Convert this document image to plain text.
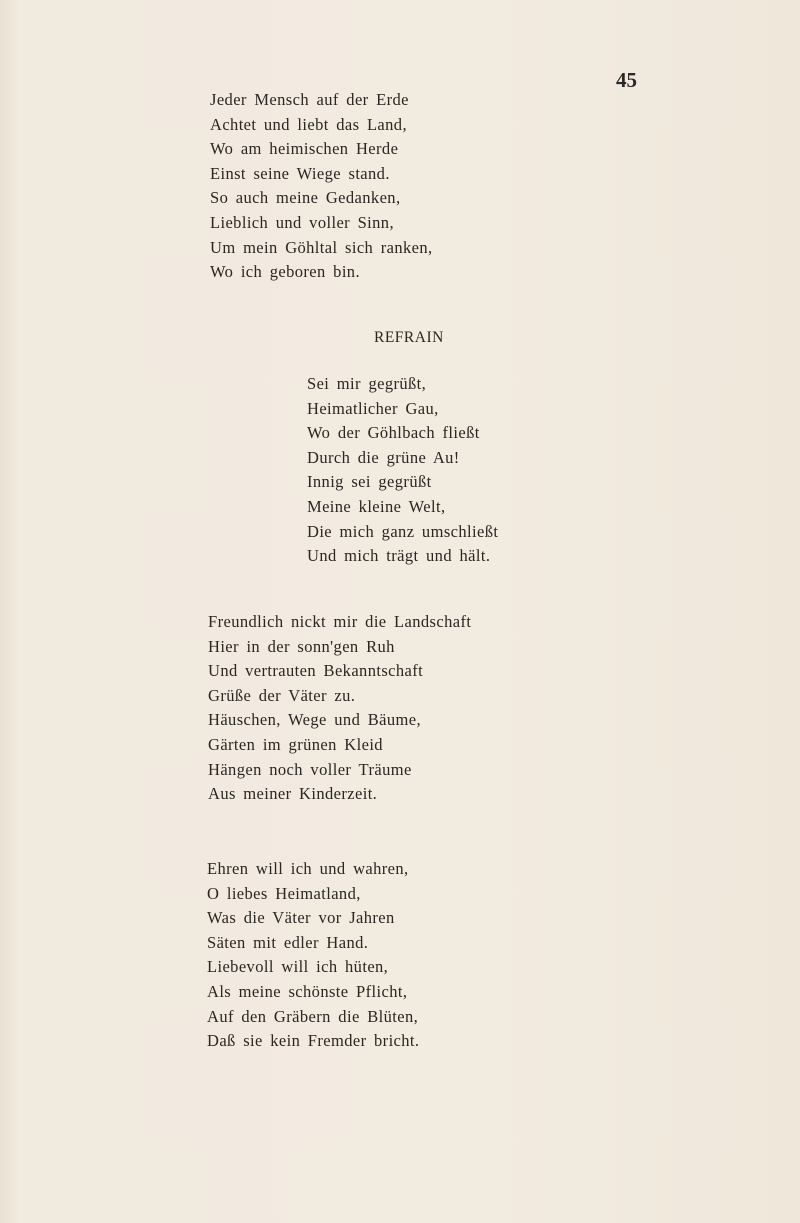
45
Jeder Mensch auf der Erde
Achtet und liebt das Land,
Wo am heimischen Herde
Einst seine Wiege stand.
So auch meine Gedanken,
Lieblich und voller Sinn,
Um mein Göhltal sich ranken,
Wo ich geboren bin.
REFRAIN
Sei mir gegrüßt,
Heimatlicher Gau,
Wo der Göhlbach fließt
Durch die grüne Au!
Innig sei gegrüßt
Meine kleine Welt,
Die mich ganz umschließt
Und mich trägt und hält.
Freundlich nickt mir die Landschaft
Hier in der sonn'gen Ruh
Und vertrauten Bekanntschaft
Grüße der Väter zu.
Häuschen, Wege und Bäume,
Gärten im grünen Kleid
Hängen noch voller Träume
Aus meiner Kinderzeit.
Ehren will ich und wahren,
O liebes Heimatland,
Was die Väter vor Jahren
Säten mit edler Hand.
Liebevoll will ich hüten,
Als meine schönste Pflicht,
Auf den Gräbern die Blüten,
Daß sie kein Fremder bricht.
